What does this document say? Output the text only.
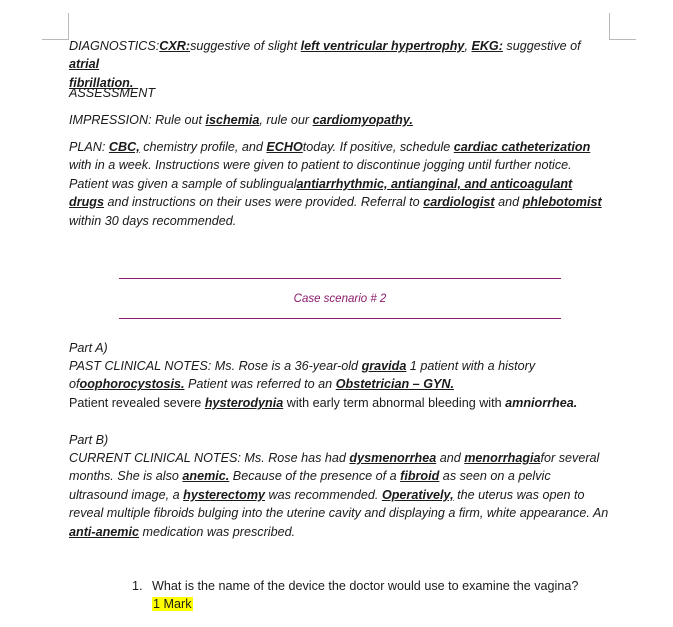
DIAGNOSTICS:CXR:suggestive of slight left ventricular hypertrophy, EKG: suggestive of atrial
fibrillation.

ASSESSMENT

IMPRESSION: Rule out ischemia, rule our cardiomyopathy.

PLAN: CBC, chemistry profile, and ECHOtoday. If positive, schedule cardiac catheterization with in a week. Instructions were given to patient to discontinue jogging until further notice. Patient was given a sample of sublingualantiarrhythmic, antianginal, and anticoagulant drugs and instructions on their uses were provided. Referral to cardiologist and phlebotomist within 30 days recommended.

Case scenario # 2

Part A)

PAST CLINICAL NOTES: Ms. Rose is a 36-year-old gravida 1 patient with a history ofoophorocystosis. Patient was referred to an Obstetrician – GYN.
Patient revealed severe hysterodynia with early term abnormal bleeding with amniorrhea.

Part B)

CURRENT CLINICAL NOTES: Ms. Rose has had dysmenorrhea and menorrhagiafor several months. She is also anemic. Because of the presence of a fibroid as seen on a pelvic ultrasound image, a hysterectomy was recommended. Operatively, the uterus was open to reveal multiple fibroids bulging into the uterine cavity and displaying a firm, white appearance. An anti-anemic medication was prescribed.

1. What is the name of the device the doctor would use to examine the vagina?
1 Mark
